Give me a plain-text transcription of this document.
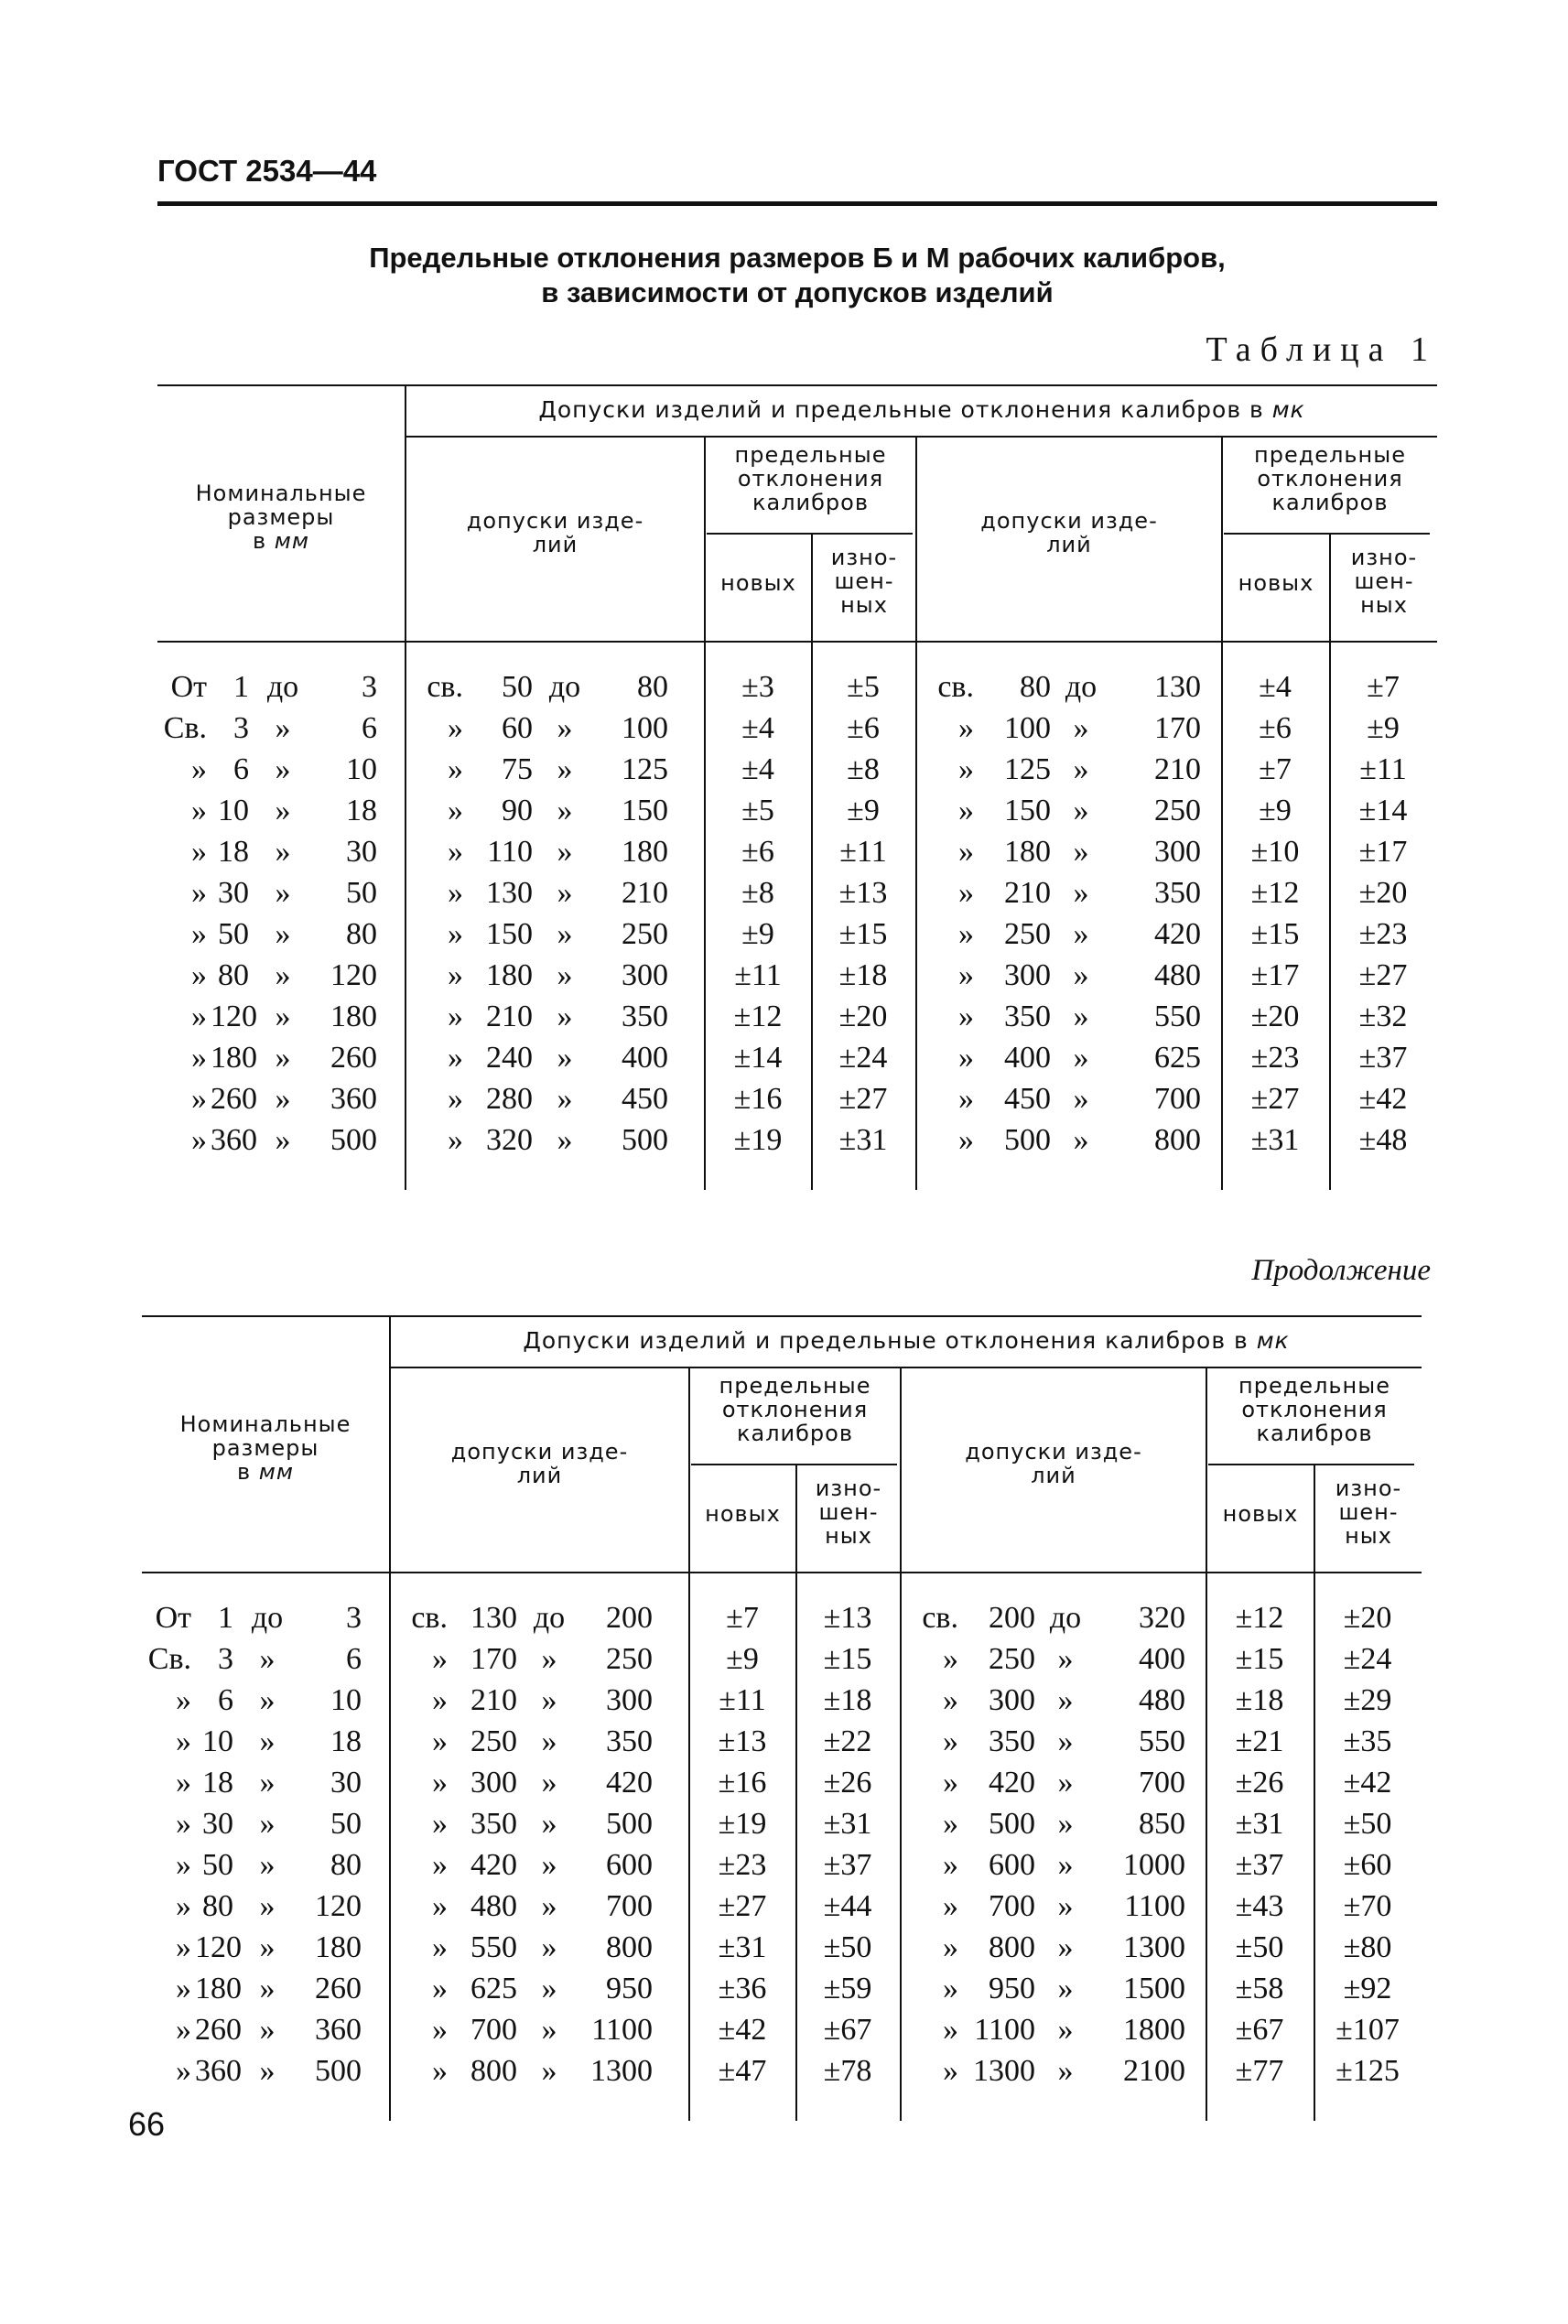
ГОСТ 2534—44
Предельные отклонения размеров Б и М рабочих калибров,
в зависимости от допусков изделий
Таблица 1
Номинальные
размеры
в мм
Допуски изделий и предельные отклонения калибров в мк
допуски изде-
лий
предельные
отклонения
калибров
новых
изно-
шен-
ных
допуски изде-
лий
предельные
отклонения
калибров
новых
изно-
шен-
ных
От 1 до	3	св.	50 до	80	±3	±5	св.	80 до	130	±4	±7
Св. 3 »	6	»	60 »	100	±4	±6	» 100 »	170	±6	±9
» 6 »	10	»	75 »	125	±4	±8	» 125 »	210	±7	±11
» 10 »	18	»	90 »	150	±5	±9	» 150 »	250	±9	±14
» 18 »	30	» 110 »	180	±6	±11	» 180 »	300	±10	±17
» 30 »	50	» 130 »	210	±8	±13	» 210 »	350	±12	±20
» 50 »	80	» 150 »	250	±9	±15	» 250 »	420	±15	±23
» 80 »	120	» 180 »	300	±11	±18	» 300 »	480	±17	±27
» 120 »	180	» 210 »	350	±12	±20	» 350 »	550	±20	±32
» 180 »	260	» 240 »	400	±14	±24	» 400 »	625	±23	±37
» 260 »	360	» 280 »	450	±16	±27	» 450 »	700	±27	±42
» 360 »	500	» 320 »	500	±19	±31	» 500 »	800	±31	±48
Продолжение
Номинальные
размеры
в мм
Допуски изделий и предельные отклонения калибров в мк
допуски изде-
лий
предельные
отклонения
калибров
новых
изно-
шен-
ных
допуски изде-
лий
предельные
отклонения
калибров
новых
изно-
шен-
ных
От 1 до	3	св. 130 до	200	±7	±13	св. 200 до	320	±12	±20
Св. 3 »	6	» 170 »	250	±9	±15	» 250 »	400	±15	±24
» 6 »	10	» 210 »	300	±11	±18	» 300 »	480	±18	±29
» 10 »	18	» 250 »	350	±13	±22	» 350 »	550	±21	±35
» 18 »	30	» 300 »	420	±16	±26	» 420 »	700	±26	±42
» 30 »	50	» 350 »	500	±19	±31	» 500 »	850	±31	±50
» 50 »	80	» 420 »	600	±23	±37	» 600 »	1000	±37	±60
» 80 »	120	» 480 »	700	±27	±44	» 700 »	1100	±43	±70
» 120 »	180	» 550 »	800	±31	±50	» 800 »	1300	±50	±80
» 180 »	260	» 625 »	950	±36	±59	» 950 »	1500	±58	±92
» 260 »	360	» 700 »	1100	±42	±67	» 1100 »	1800	±67	±107
» 360 »	500	» 800 »	1300	±47	±78	» 1300 »	2100	±77	±125
66
